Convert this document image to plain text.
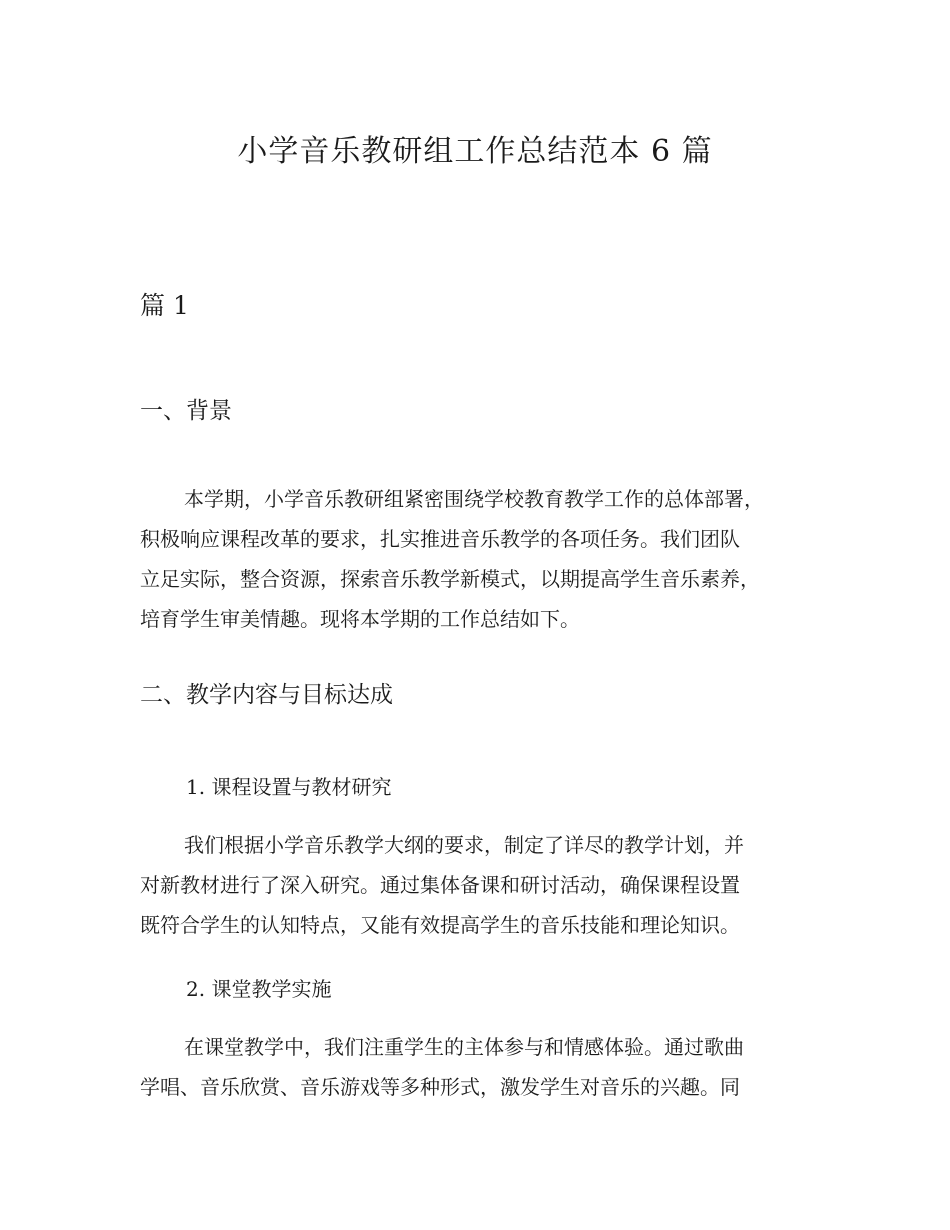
小学音乐教研组工作总结范本 6 篇
篇 1
一、背景
本学期，小学音乐教研组紧密围绕学校教育教学工作的总体部署，
积极响应课程改革的要求，扎实推进音乐教学的各项任务。我们团队
立足实际，整合资源，探索音乐教学新模式，以期提高学生音乐素养，
培育学生审美情趣。现将本学期的工作总结如下。
二、教学内容与目标达成
1. 课程设置与教材研究
我们根据小学音乐教学大纲的要求，制定了详尽的教学计划，并
对新教材进行了深入研究。通过集体备课和研讨活动，确保课程设置
既符合学生的认知特点，又能有效提高学生的音乐技能和理论知识。
2. 课堂教学实施
在课堂教学中，我们注重学生的主体参与和情感体验。通过歌曲
学唱、音乐欣赏、音乐游戏等多种形式，激发学生对音乐的兴趣。同
